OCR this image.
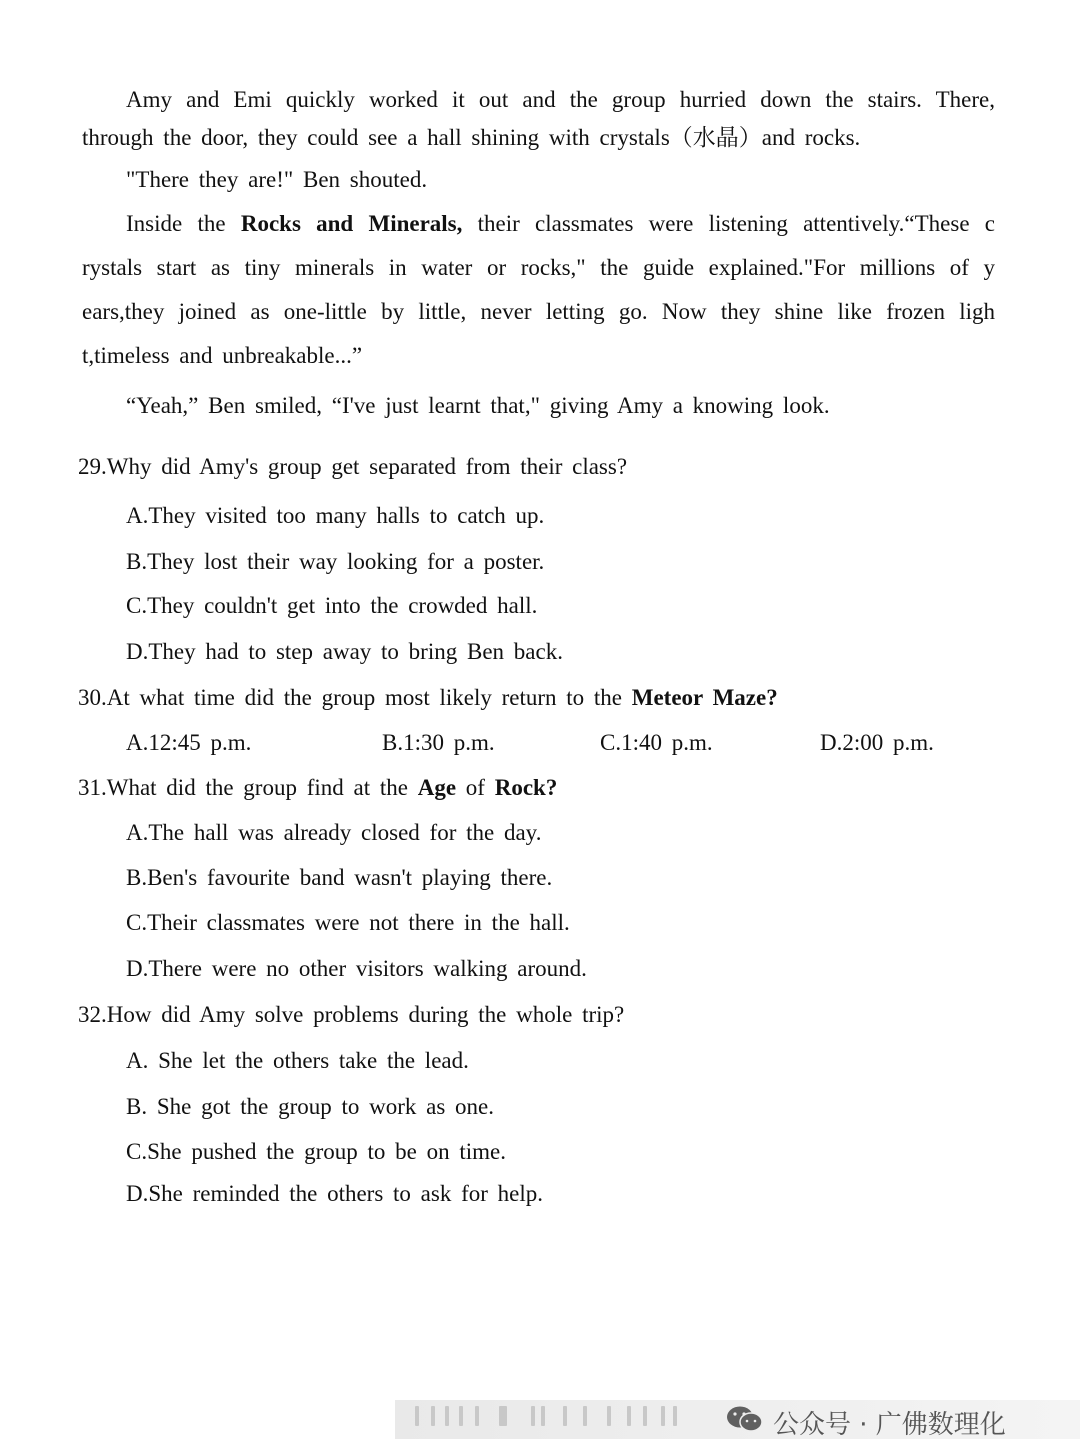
Amy and Emi quickly worked it out and the group hurried down the stairs. There,
through the door, they could see a hall shining with crystals（水晶）and rocks.
"There they are!" Ben shouted.
Inside the Rocks and Minerals, their classmates were listening attentively.“These c
rystals start as tiny minerals in water or rocks," the guide explained."For millions of y
ears,they joined as one-little by little, never letting go. Now they shine like frozen ligh
t,timeless and unbreakable...”
“Yeah,” Ben smiled, “I've just learnt that," giving Amy a knowing look.
29.Why did Amy's group get separated from their class?
A.They visited too many halls to catch up.
B.They lost their way looking for a poster.
C.They couldn't get into the crowded hall.
D.They had to step away to bring Ben back.
30.At what time did the group most likely return to the Meteor Maze?
A.12:45 p.m.	B.1:30 p.m.	C.1:40 p.m.	D.2:00 p.m.
31.What did the group find at the Age of Rock?
A.The hall was already closed for the day.
B.Ben's favourite band wasn't playing there.
C.Their classmates were not there in the hall.
D.There were no other visitors walking around.
32.How did Amy solve problems during the whole trip?
A. She let the others take the lead.
B. She got the group to work as one.
C.She pushed the group to be on time.
D.She reminded the others to ask for help.
公众号 · 广佛数理化
